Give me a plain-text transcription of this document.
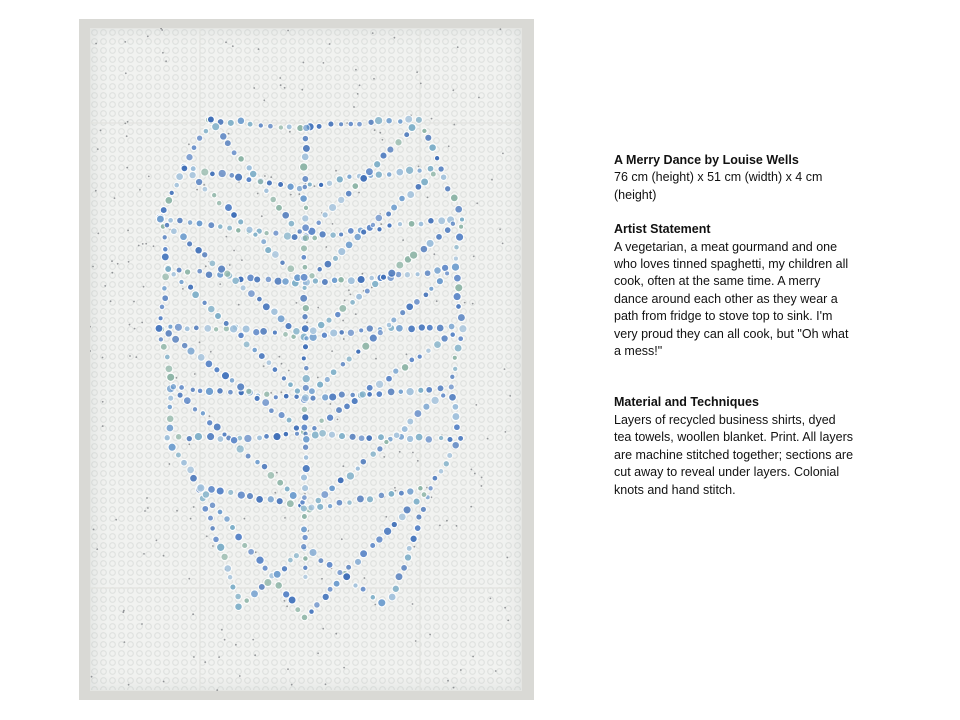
A Merry Dance by Louise Wells

76 cm (height) x 51 cm (width) x 4 cm (height)

Artist Statement

A vegetarian, a meat gourmand and one who loves tinned spaghetti, my children all cook, often at the same time. A merry dance around each other as they wear a path from fridge to stove top to sink. I'm very proud they can all cook, but "Oh what a mess!"

Material and Techniques

Layers of recycled business shirts, dyed tea towels, woollen blanket. Print. All layers are machine stitched together; sections are cut away to reveal under layers. Colonial knots and hand stitch.
